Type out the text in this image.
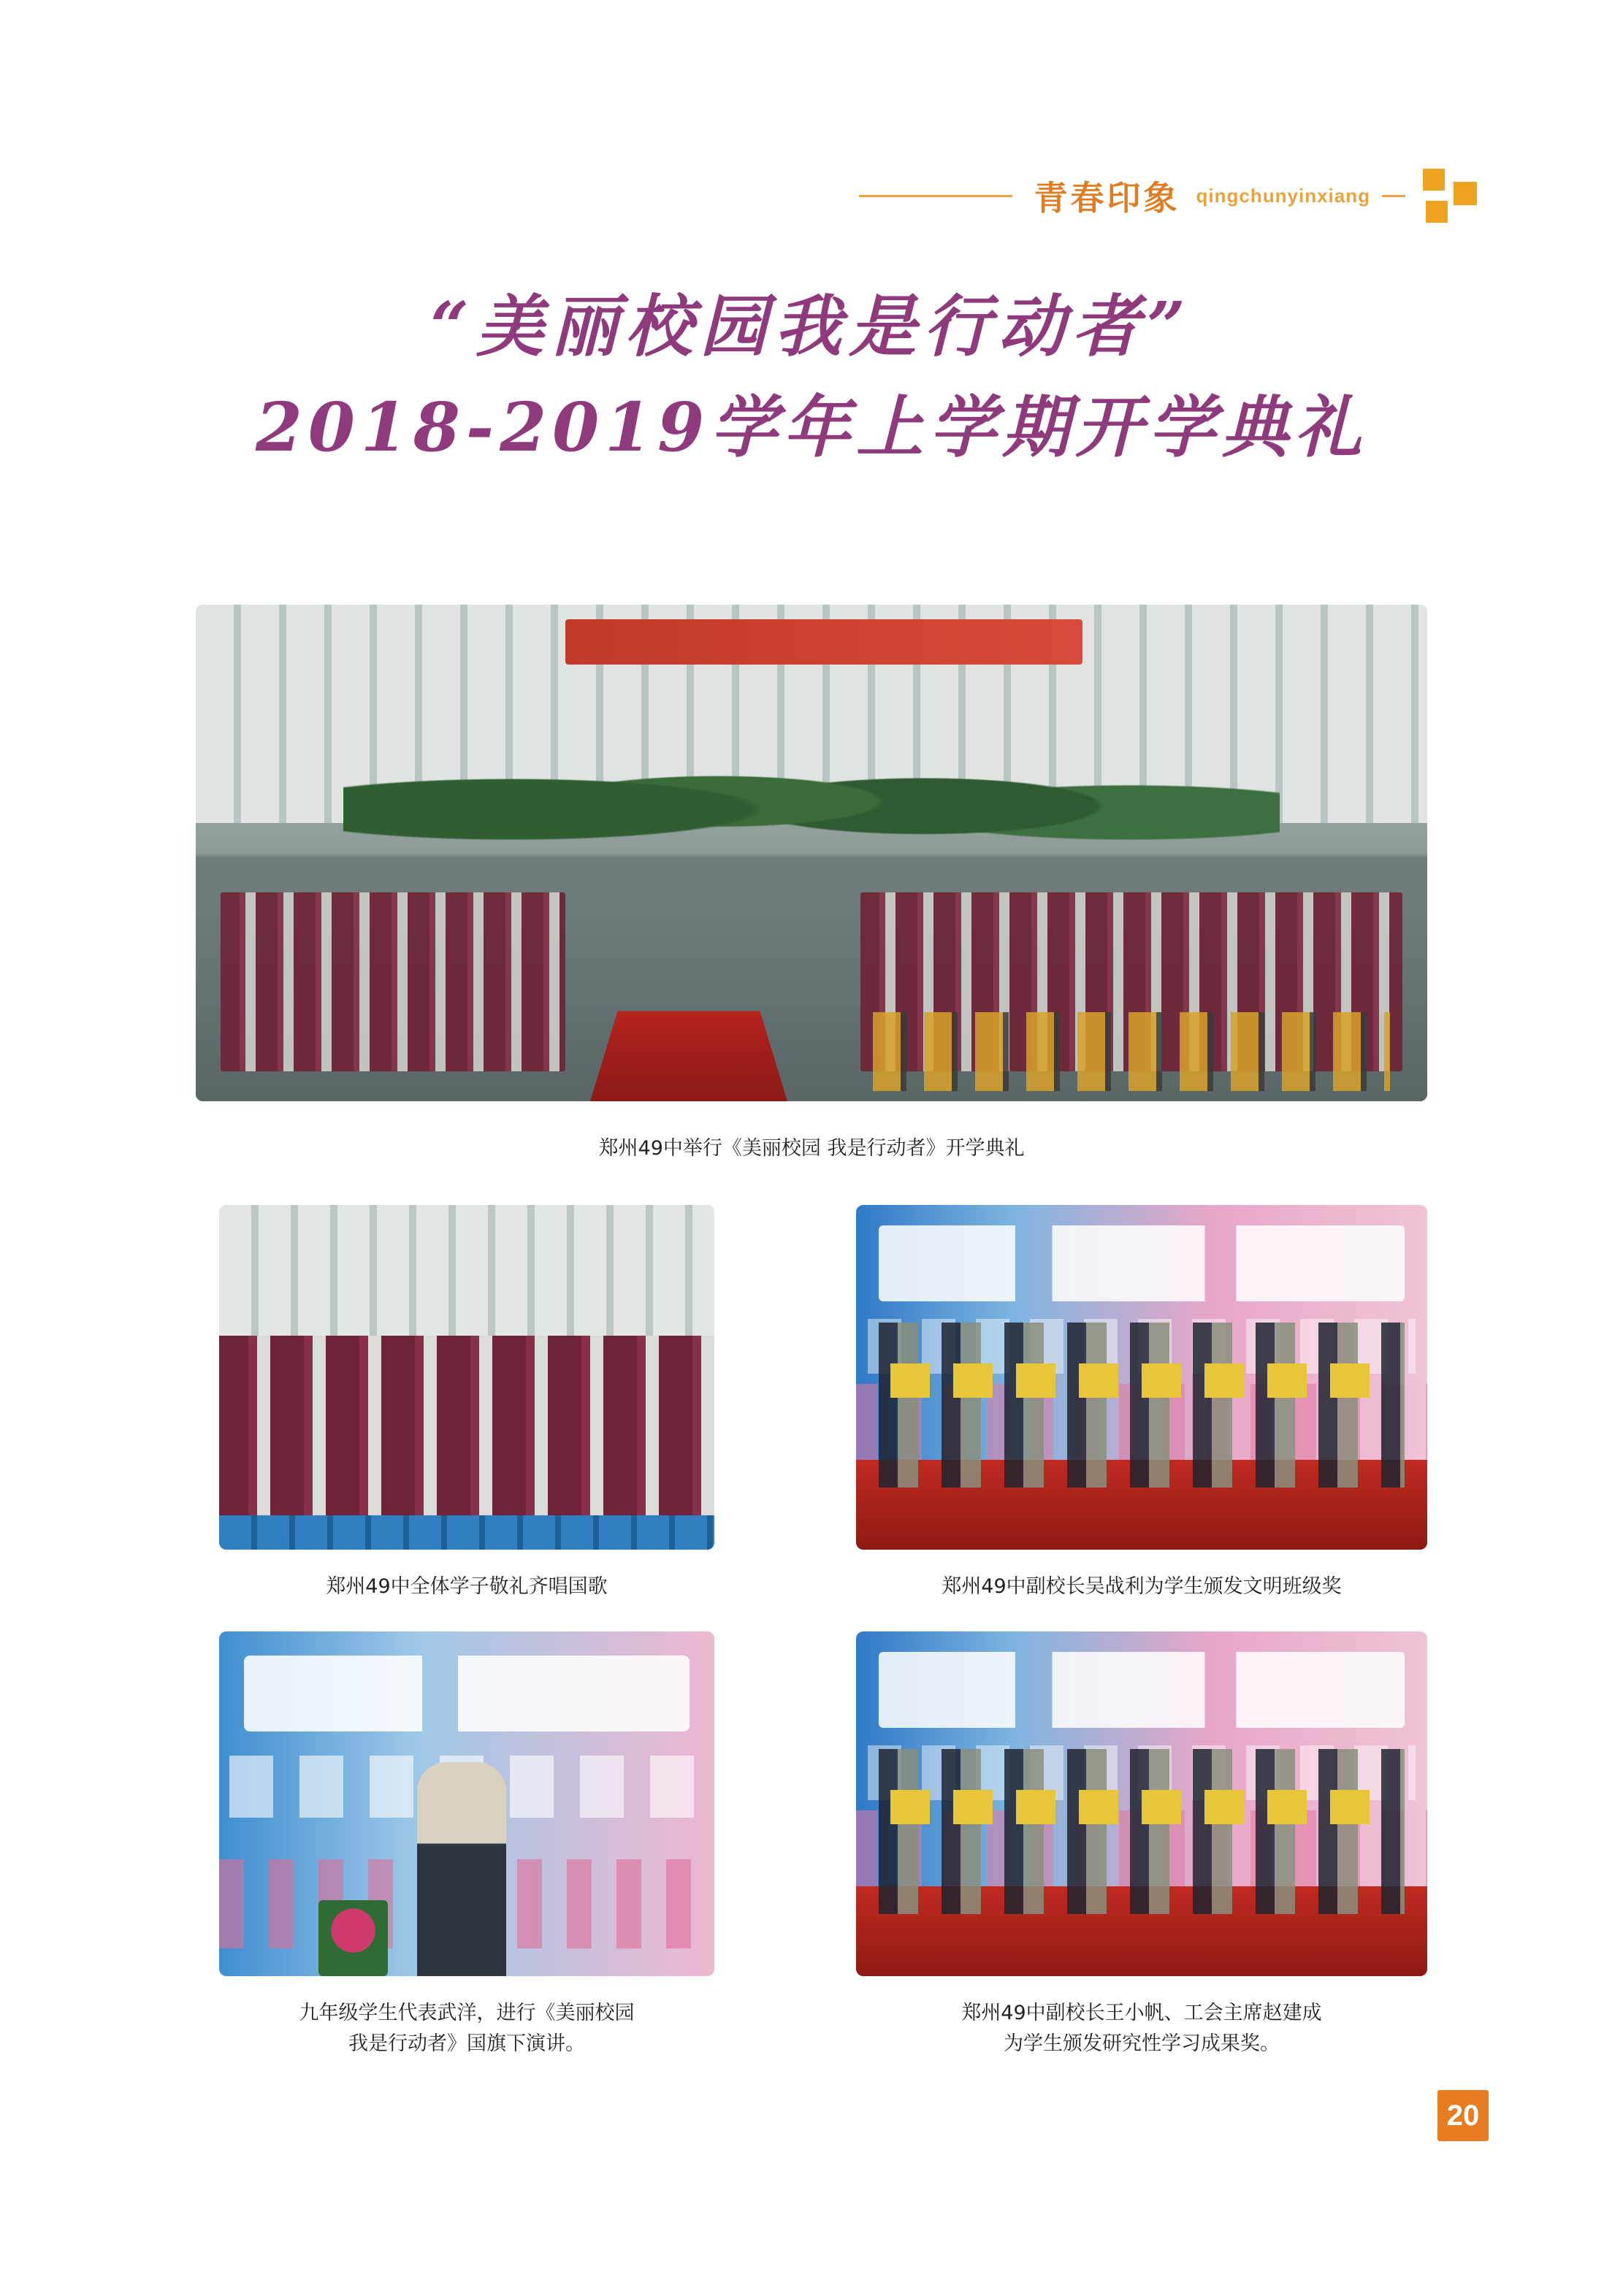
青春印象 qingchunyinxiang
“美丽校园我是行动者”
2018-2019学年上学期开学典礼
郑州49中举行《美丽校园 我是行动者》开学典礼
郑州49中全体学子敬礼齐唱国歌	郑州49中副校长吴战利为学生颁发文明班级奖
九年级学生代表武洋，进行《美丽校园
我是行动者》国旗下演讲。
郑州49中副校长王小帆、工会主席赵建成
为学生颁发研究性学习成果奖。
20
